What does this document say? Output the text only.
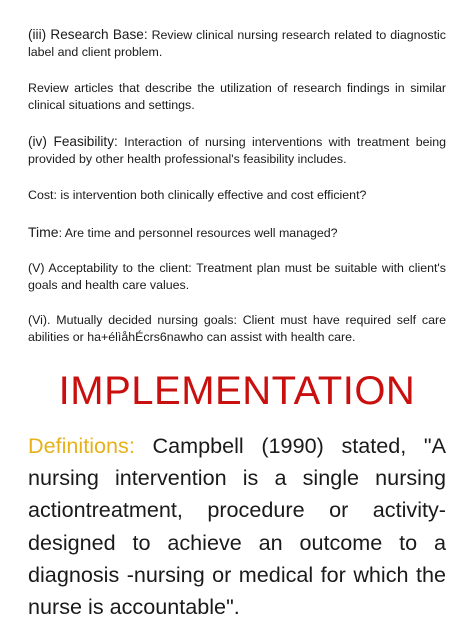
(iii) Research Base: Review clinical nursing research related to diagnostic label and client problem.

Review articles that describe the utilization of research findings in similar clinical situations and settings.

(iv) Feasibility: Interaction of nursing interventions with treatment being provided by other health professional's feasibility includes.

Cost: is intervention both clinically effective and cost efficient?

Time: Are time and personnel resources well managed?

(V) Acceptability to the client: Treatment plan must be suitable with client's goals and health care values.

(Vi). Mutually decided nursing goals: Client must have required self care abilities or ha+élìåhÉcrs6nawho can assist with health care.

IMPLEMENTATION

Definitions: Campbell (1990) stated, "A nursing intervention is a single nursing actiontreatment, procedure or activity-designed to achieve an outcome to a diagnosis -nursing or medical for which the nurse is accountable".
